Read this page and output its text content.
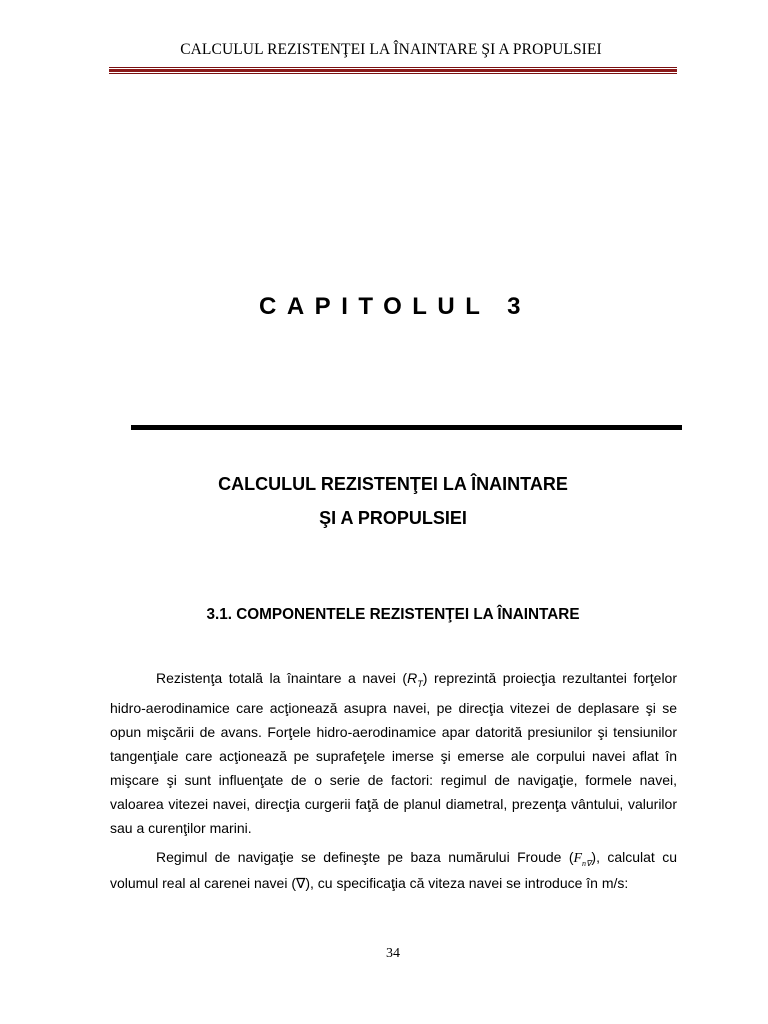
CALCULUL REZISTENŢEI LA ÎNAINTARE ŞI A PROPULSIEI
CAPITOLUL 3
CALCULUL REZISTENŢEI LA ÎNAINTARE
ŞI A PROPULSIEI
3.1. COMPONENTELE REZISTENŢEI LA ÎNAINTARE

Rezistenţa totală la înaintare a navei $(R_T)$ reprezintă proiecţia rezultantei forţelor hidro-aerodinamice care acţionează asupra navei, pe direcţia vitezei de deplasare şi se opun mişcării de avans. Forţele hidro-aerodinamice apar datorită presiunilor şi tensiunilor tangenţiale care acţionează pe suprafeţele imerse şi emerse ale corpului navei aflat în mişcare şi sunt influenţate de o serie de factori: regimul de navigaţie, formele navei, valoarea vitezei navei, direcţia curgerii faţă de planul diametral, prezenţa vântului, valurilor sau a curenţilor marini.

Regimul de navigaţie se defineşte pe baza numărului Froude $(F_{n\nabla})$, calculat cu volumul real al carenei navei (∇), cu specificaţia că viteza navei se introduce în m/s:

34
